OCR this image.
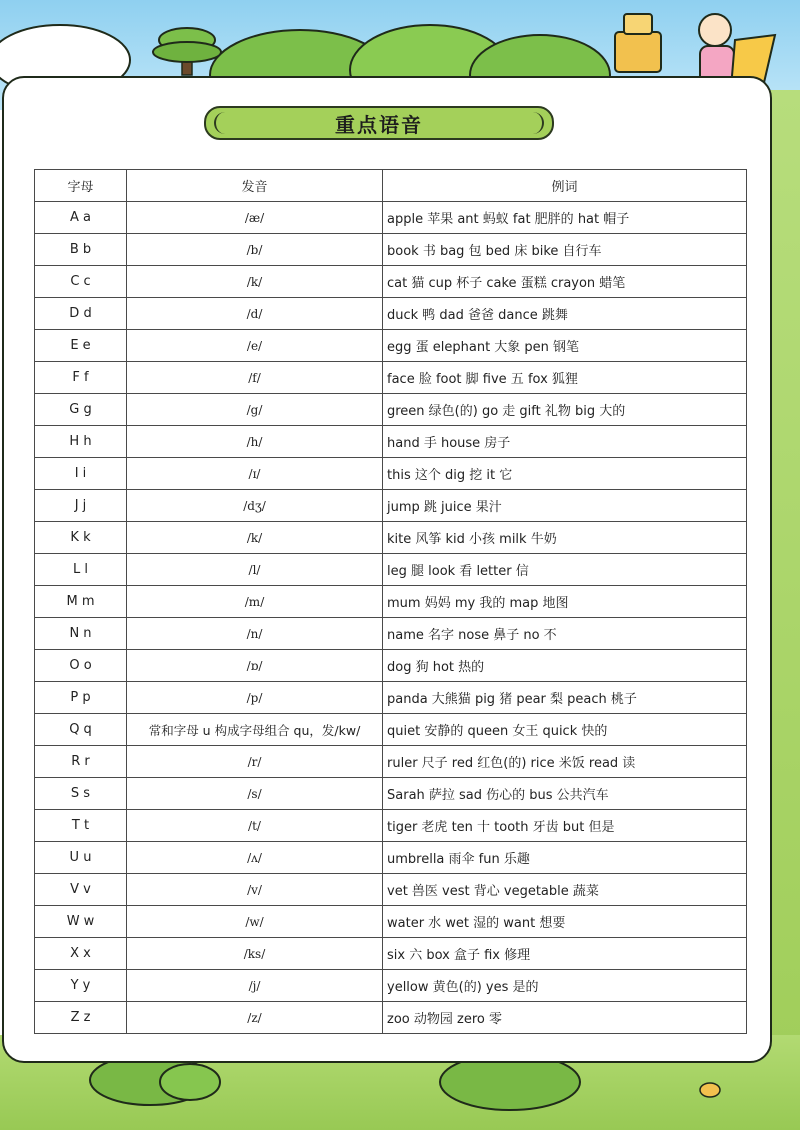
重点语音
字母	发音	例词
A a	/æ/	apple 苹果 ant 蚂蚁 fat 肥胖的 hat 帽子
B b	/b/	book 书 bag 包 bed 床 bike 自行车
C c	/k/	cat 猫 cup 杯子 cake 蛋糕 crayon 蜡笔
D d	/d/	duck 鸭 dad 爸爸 dance 跳舞
E e	/e/	egg 蛋 elephant 大象 pen 钢笔
F f	/f/	face 脸 foot 脚 five 五 fox 狐狸
G g	/g/	green 绿色(的) go 走 gift 礼物 big 大的
H h	/h/	hand 手 house 房子
I i	/ɪ/	this 这个 dig 挖 it 它
J j	/dʒ/	jump 跳 juice 果汁
K k	/k/	kite 风筝 kid 小孩 milk 牛奶
L l	/l/	leg 腿 look 看 letter 信
M m	/m/	mum 妈妈 my 我的 map 地图
N n	/n/	name 名字 nose 鼻子 no 不
O o	/ɒ/	dog 狗 hot 热的
P p	/p/	panda 大熊猫 pig 猪 pear 梨 peach 桃子
Q q	常和字母 u 构成字母组合 qu，发/kw/	quiet 安静的 queen 女王 quick 快的
R r	/r/	ruler 尺子 red 红色(的) rice 米饭 read 读
S s	/s/	Sarah 萨拉 sad 伤心的 bus 公共汽车
T t	/t/	tiger 老虎 ten 十 tooth 牙齿 but 但是
U u	/ʌ/	umbrella 雨伞 fun 乐趣
V v	/v/	vet 兽医 vest 背心 vegetable 蔬菜
W w	/w/	water 水 wet 湿的 want 想要
X x	/ks/	six 六 box 盒子 fix 修理
Y y	/j/	yellow 黄色(的) yes 是的
Z z	/z/	zoo 动物园 zero 零
